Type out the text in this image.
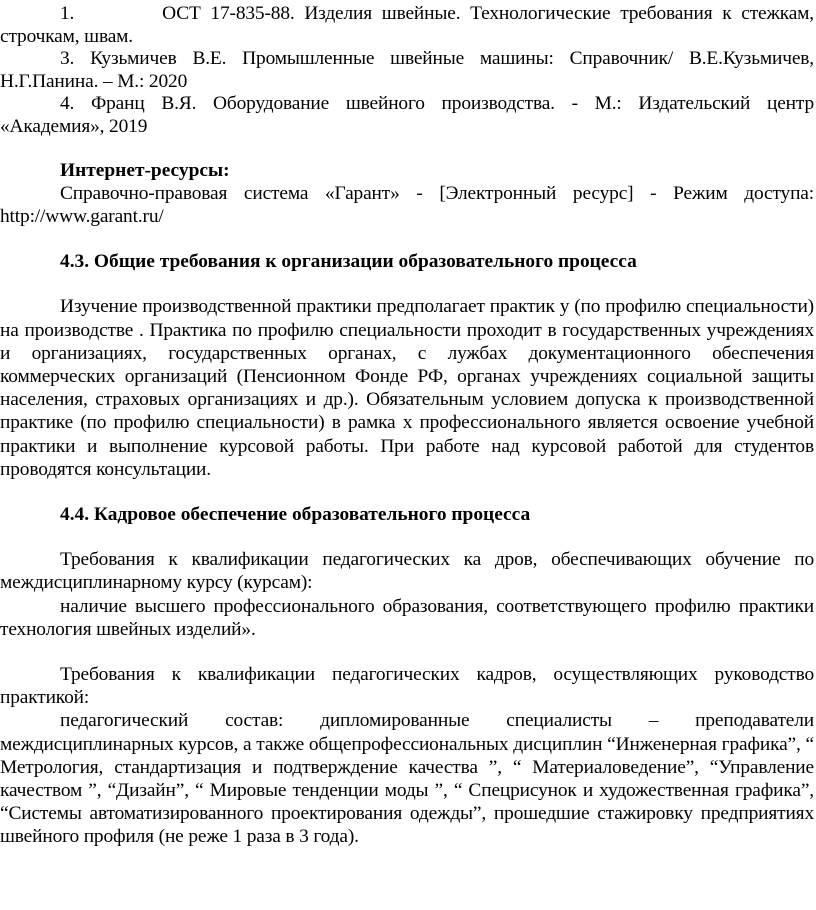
1.         ОСТ 17-835-88. Изделия швейные. Технологические требования к стежкам, строчкам, швам.

3. Кузьмичев В.Е. Промышленные швейные машины: Справочник/ В.Е.Кузьмичев, Н.Г.Панина. – М.: 2020

4. Франц В.Я. Оборудование швейного производства. - М.: Издательский центр «Академия», 2019

Интернет-ресурсы:

Справочно-правовая система «Гарант» - [Электронный ресурс] - Режим доступа: http://www.garant.ru/

4.3. Общие требования к организации образовательного процесса

Изучение производственной практики предполагает практик у (по профилю специальности) на производстве . Практика по профилю специальности проходит в государственных учреждениях и организациях, государственных органах, с лужбах документационного обеспечения коммерческих организаций (Пенсионном Фонде РФ, органах учреждениях социальной защиты населения, страховых организациях и др.). Обязательным условием допуска к производственной практике (по профилю специальности) в рамка х профессионального является освоение учебной практики и выполнение курсовой работы. При работе над курсовой работой для студентов проводятся консультации.

4.4. Кадровое обеспечение образовательного процесса

Требования к квалификации педагогических ка дров, обеспечивающих обучение по междисциплинарному курсу (курсам):

наличие высшего профессионального образования, соответствующего профилю практики технология швейных изделий».

Требования к квалификации педагогических кадров, осуществляющих руководство практикой:

педагогический состав: дипломированные специалисты – преподаватели междисциплинарных курсов, а также общепрофессиональных дисциплин “Инженерная графика”, “ Метрология, стандартизация и подтверждение качества ”, “ Материаловедение”, “Управление качеством ”, “Дизайн”, “ Мировые тенденции моды ”, “ Спецрисунок и художественная графика”, “Системы автоматизированного проектирования одежды”, прошедшие стажировку предприятиях швейного профиля (не реже 1 раза в 3 года).
